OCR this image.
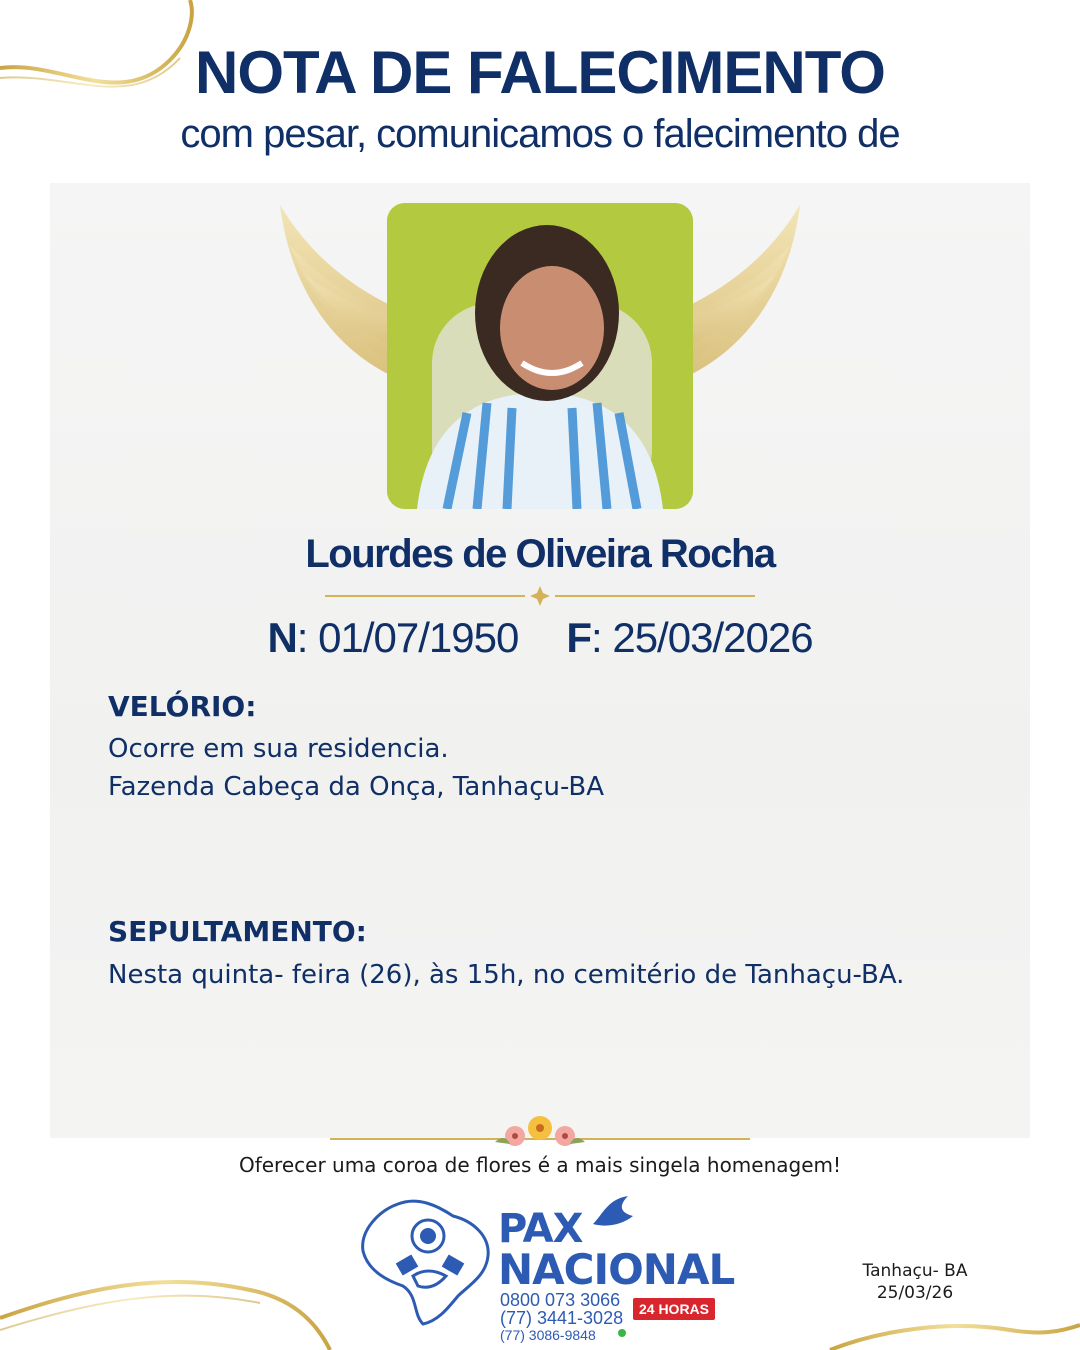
NOTA DE FALECIMENTO
com pesar, comunicamos o falecimento de
Lourdes de Oliveira Rocha
N: 01/07/1950 F: 25/03/2026
VELÓRIO:
Ocorre em sua residencia.
Fazenda Cabeça da Onça, Tanhaçu-BA
SEPULTAMENTO:
Nesta quinta- feira (26), às 15h, no cemitério de Tanhaçu-BA.
Oferecer uma coroa de flores é a mais singela homenagem!
PAX
NACIONAL
0800 073 3066
(77) 3441-3028
(77) 3086-9848
24 HORAS
Tanhaçu- BA
25/03/26
